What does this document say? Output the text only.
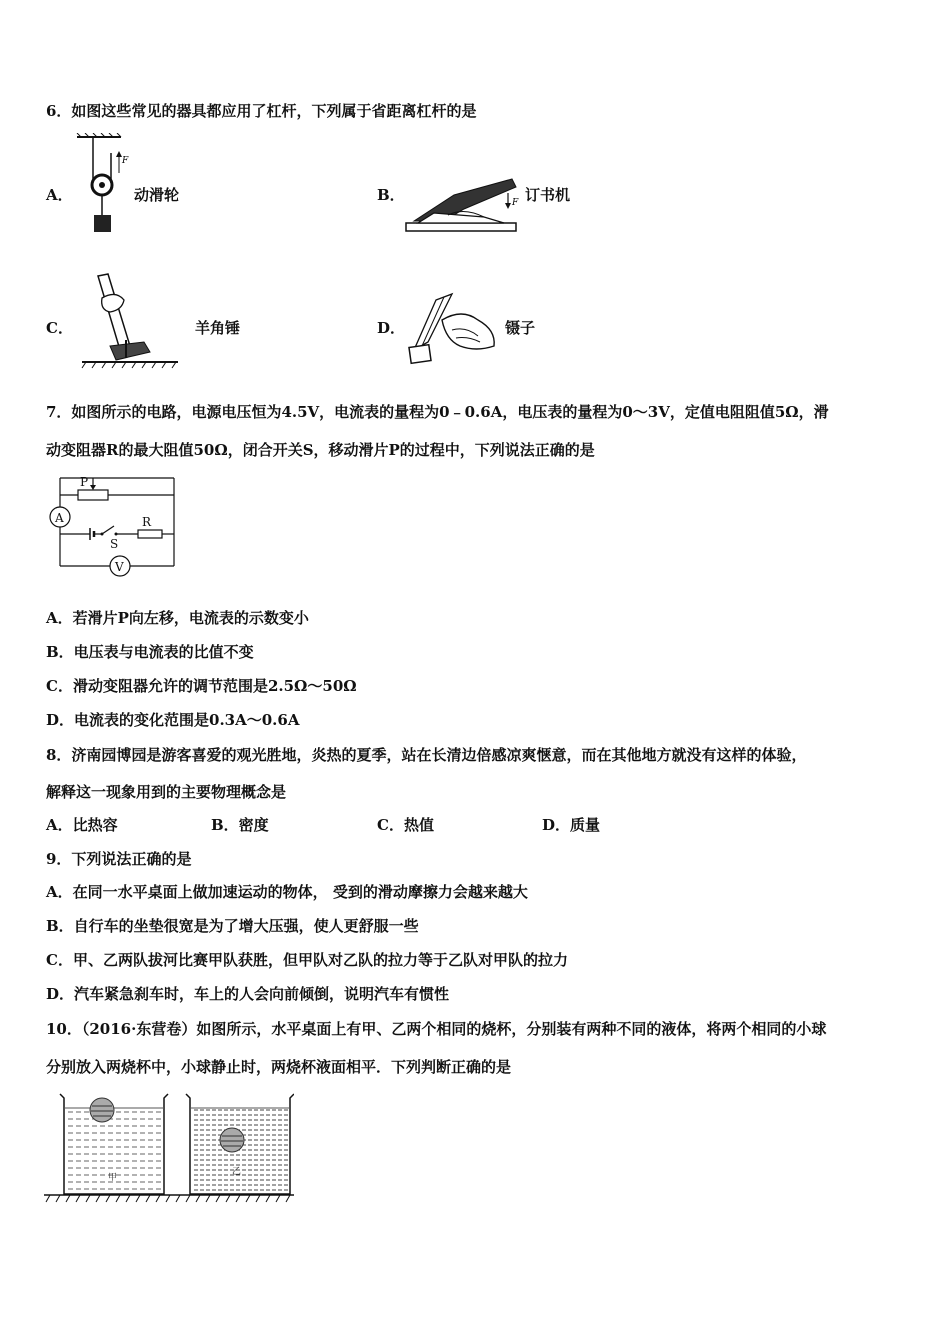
6．如图这些常见的器具都应用了杠杆，下列属于省距离杠杆的是
F
A．	动滑轮	F
B．	订书机
C．	羊角锤	D．	镊子
7．如图所示的电路，电源电压恒为4.5V，电流表的量程为0﹣0.6A，电压表的量程为0～3V，定值电阻阻值5Ω，滑
动变阻器R的最大阻值50Ω，闭合开关S，移动滑片P的过程中，下列说法正确的是
P
A
S
R
V
A．若滑片P向左移，电流表的示数变小
B．电压表与电流表的比值不变
C．滑动变阻器允许的调节范围是2.5Ω～50Ω
D．电流表的变化范围是0.3A～0.6A
8．济南园博园是游客喜爱的观光胜地，炎热的夏季，站在长清边倍感凉爽惬意，而在其他地方就没有这样的体验，
解释这一现象用到的主要物理概念是
A．比热容	B．密度	C．热值	D．质量
9．下列说法正确的是
A．在同一水平桌面上做加速运动的物体， 受到的滑动摩擦力会越来越大
B．自行车的坐垫很宽是为了增大压强，使人更舒服一些
C．甲、乙两队拔河比赛甲队获胜，但甲队对乙队的拉力等于乙队对甲队的拉力
D．汽车紧急刹车时，车上的人会向前倾倒，说明汽车有惯性
10．（2016·东营卷）如图所示，水平桌面上有甲、乙两个相同的烧杯，分别装有两种不同的液体，将两个相同的小球
分别放入两烧杯中，小球静止时，两烧杯液面相平．下列判断正确的是
甲
乙
